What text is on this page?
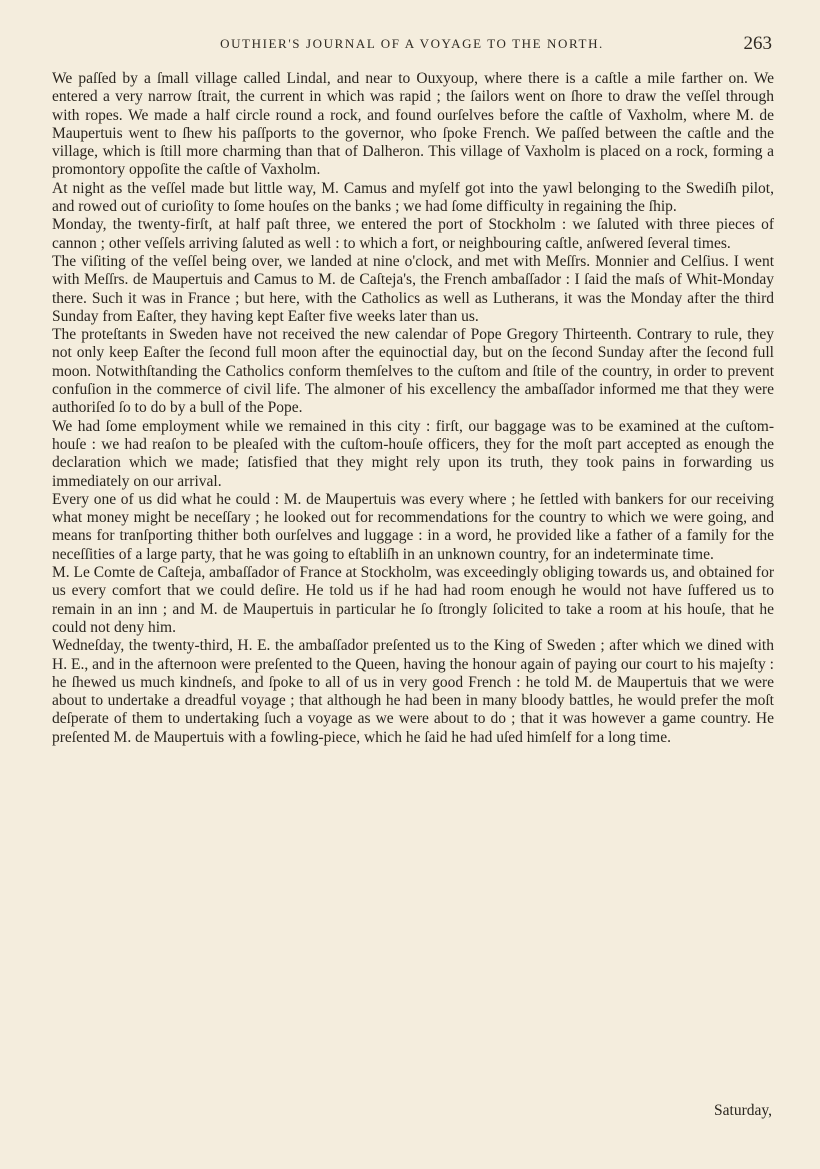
OUTHIER'S JOURNAL OF A VOYAGE TO THE NORTH.	263

We paſſed by a ſmall village called Lindal, and near to Ouxyoup, where there is a caſtle a mile farther on. We entered a very narrow ſtrait, the current in which was rapid ; the ſailors went on ſhore to draw the veſſel through with ropes. We made a half circle round a rock, and found ourſelves before the caſtle of Vaxholm, where M. de Maupertuis went to ſhew his paſſports to the governor, who ſpoke French. We paſſed between the caſtle and the village, which is ſtill more charming than that of Dalheron. This village of Vaxholm is placed on a rock, forming a promontory oppoſite the caſtle of Vaxholm.

At night as the veſſel made but little way, M. Camus and myſelf got into the yawl belonging to the Swediſh pilot, and rowed out of curioſity to ſome houſes on the banks ; we had ſome difficulty in regaining the ſhip.

Monday, the twenty-firſt, at half paſt three, we entered the port of Stockholm : we ſaluted with three pieces of cannon ; other veſſels arriving ſaluted as well : to which a fort, or neighbouring caſtle, anſwered ſeveral times.

The viſiting of the veſſel being over, we landed at nine o'clock, and met with Meſſrs. Monnier and Celſius. I went with Meſſrs. de Maupertuis and Camus to M. de Caſteja's, the French ambaſſador : I ſaid the maſs of Whit-Monday there. Such it was in France ; but here, with the Catholics as well as Lutherans, it was the Monday after the third Sunday from Eaſter, they having kept Eaſter five weeks later than us.

The proteſtants in Sweden have not received the new calendar of Pope Gregory Thirteenth. Contrary to rule, they not only keep Eaſter the ſecond full moon after the equinoctial day, but on the ſecond Sunday after the ſecond full moon. Notwithſtanding the Catholics conform themſelves to the cuſtom and ſtile of the country, in order to prevent confuſion in the commerce of civil life. The almoner of his excellency the ambaſſador informed me that they were authoriſed ſo to do by a bull of the Pope.

We had ſome employment while we remained in this city : firſt, our baggage was to be examined at the cuſtom-houſe : we had reaſon to be pleaſed with the cuſtom-houſe officers, they for the moſt part accepted as enough the declaration which we made; ſatisfied that they might rely upon its truth, they took pains in forwarding us immediately on our arrival.

Every one of us did what he could : M. de Maupertuis was every where ; he ſettled with bankers for our receiving what money might be neceſſary ; he looked out for recommendations for the country to which we were going, and means for tranſporting thither both ourſelves and luggage : in a word, he provided like a father of a family for the neceſſities of a large party, that he was going to eſtabliſh in an unknown country, for an indeterminate time.

M. Le Comte de Caſteja, ambaſſador of France at Stockholm, was exceedingly obliging towards us, and obtained for us every comfort that we could deſire. He told us if he had had room enough he would not have ſuffered us to remain in an inn ; and M. de Maupertuis in particular he ſo ſtrongly ſolicited to take a room at his houſe, that he could not deny him.

Wedneſday, the twenty-third, H. E. the ambaſſador preſented us to the King of Sweden ; after which we dined with H. E., and in the afternoon were preſented to the Queen, having the honour again of paying our court to his majeſty : he ſhewed us much kindneſs, and ſpoke to all of us in very good French : he told M. de Maupertuis that we were about to undertake a dreadful voyage ; that although he had been in many bloody battles, he would prefer the moſt deſperate of them to undertaking ſuch a voyage as we were about to do ; that it was however a game country. He preſented M. de Maupertuis with a fowling-piece, which he ſaid he had uſed himſelf for a long time.

Saturday,
